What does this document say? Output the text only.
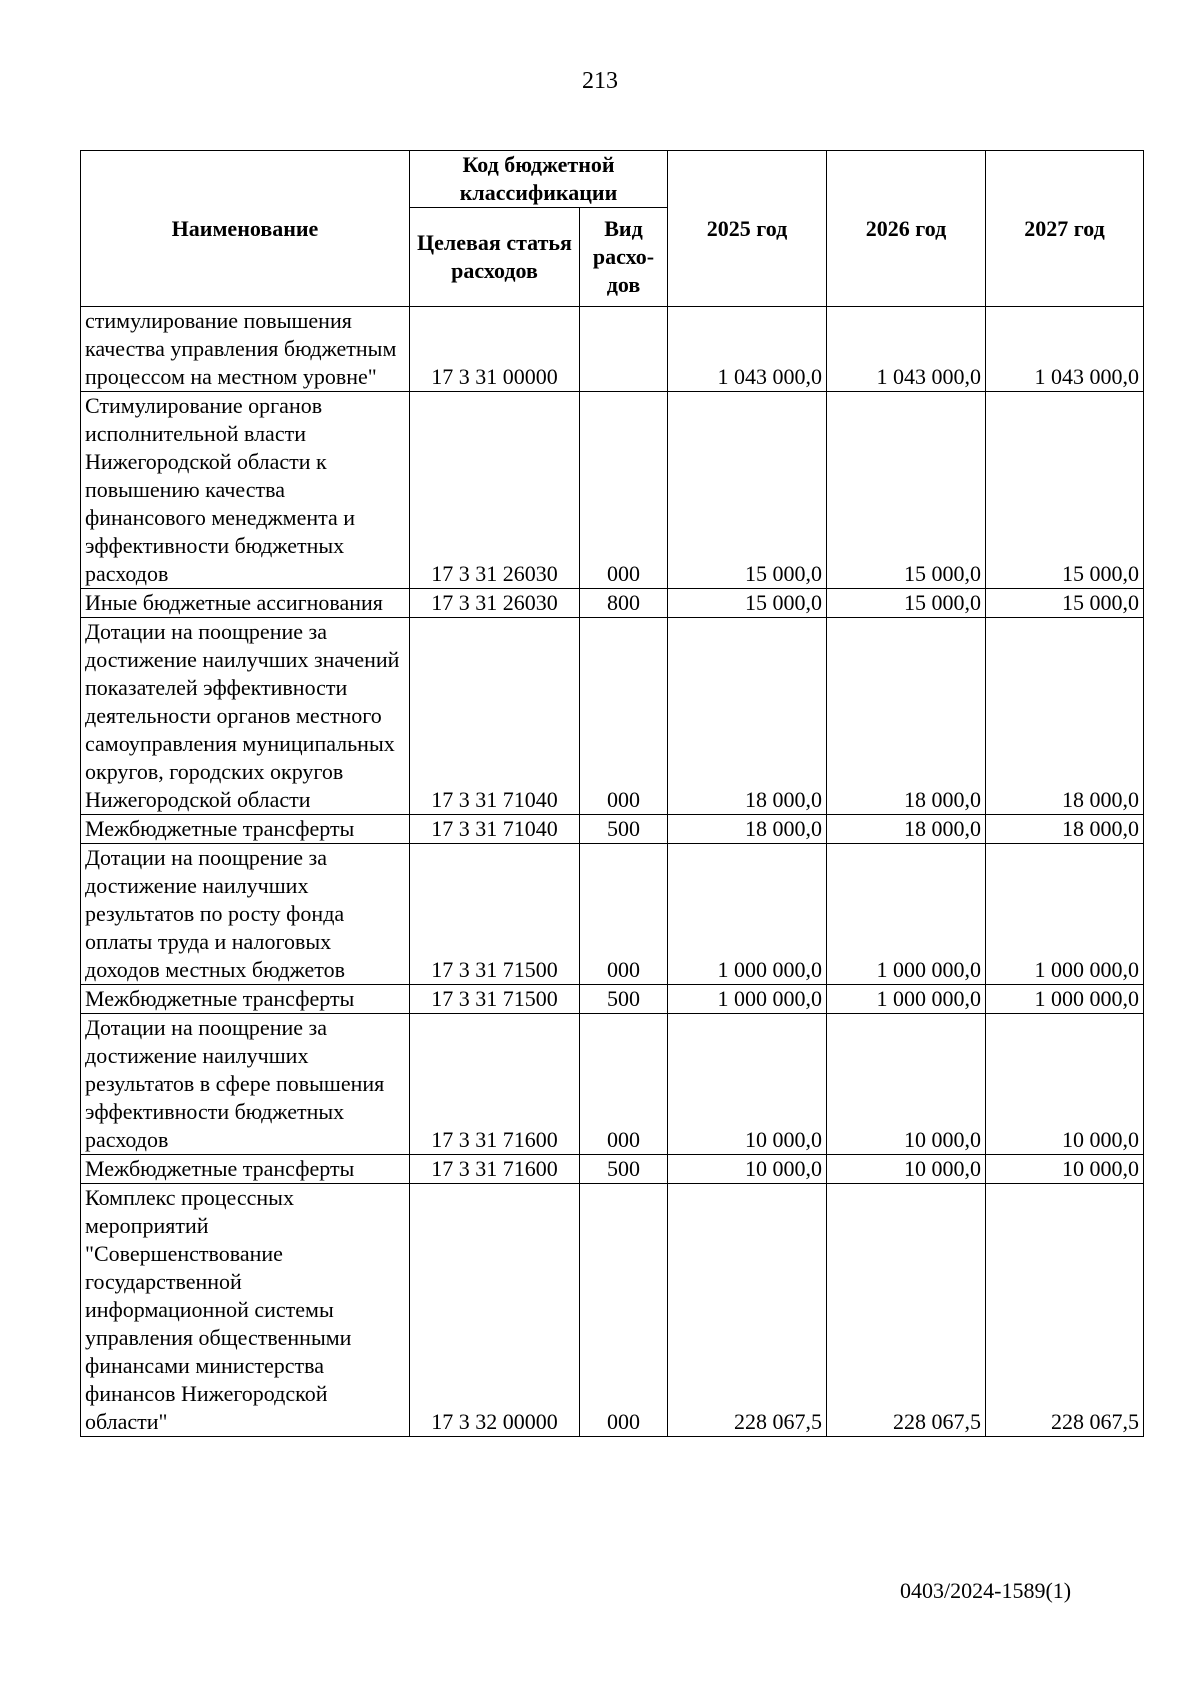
213
Наименование	Код бюджетной классификации		2025 год	2026 год	2027 год
	Целевая статья расходов	Вид расхо-дов			
стимулирование повышения качества управления бюджетным процессом на местном уровне"	17 3 31 00000		1 043 000,0	1 043 000,0	1 043 000,0
Стимулирование органов исполнительной власти Нижегородской области к повышению качества финансового менеджмента и эффективности бюджетных расходов	17 3 31 26030	000	15 000,0	15 000,0	15 000,0
Иные бюджетные ассигнования	17 3 31 26030	800	15 000,0	15 000,0	15 000,0
Дотации на поощрение за достижение наилучших значений показателей эффективности деятельности органов местного самоуправления муниципальных округов, городских округов Нижегородской области	17 3 31 71040	000	18 000,0	18 000,0	18 000,0
Межбюджетные трансферты	17 3 31 71040	500	18 000,0	18 000,0	18 000,0
Дотации на поощрение за достижение наилучших результатов по росту фонда оплаты труда и налоговых доходов местных бюджетов	17 3 31 71500	000	1 000 000,0	1 000 000,0	1 000 000,0
Межбюджетные трансферты	17 3 31 71500	500	1 000 000,0	1 000 000,0	1 000 000,0
Дотации на поощрение за достижение наилучших результатов в сфере повышения эффективности бюджетных расходов	17 3 31 71600	000	10 000,0	10 000,0	10 000,0
Межбюджетные трансферты	17 3 31 71600	500	10 000,0	10 000,0	10 000,0
Комплекс процессных мероприятий "Совершенствование государственной информационной системы управления общественными финансами министерства финансов Нижегородской области"	17 3 32 00000	000	228 067,5	228 067,5	228 067,5
0403/2024-1589(1)
